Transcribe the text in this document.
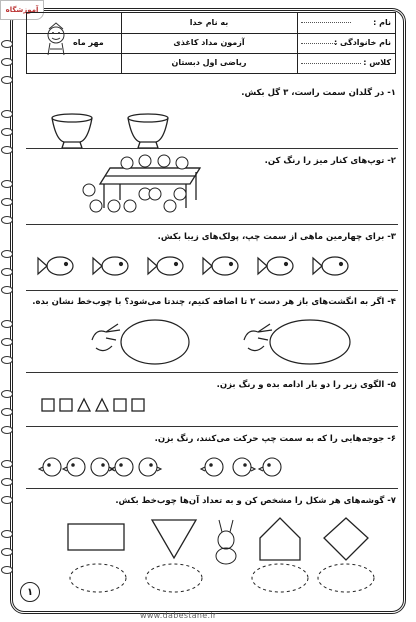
آموزشگاه
نام :
نام خانوادگی :
کلاس :
به نام خدا
آزمون مداد کاغذی
ریاضی اول دبستان
مهر ماه
۱- در گلدان سمت راست، ۳ گل بکش.
۲- توپ‌های کنار میز را رنگ کن.
۳- برای چهارمین ماهی از سمت چپ، پولک‌های زیبا بکش.
۴- اگر به انگشت‌های باز هر دست ۲ تا اضافه کنیم، چندتا می‌شود؟ با چوب‌خط نشان بده.
۵- الگوی زیر را دو بار ادامه بده و رنگ بزن.
۶- جوجه‌هایی را که به سمت چپ حرکت می‌کنند، رنگ بزن.
۷- گوشه‌های هر شکل را مشخص کن و به تعداد آن‌ها چوب‌خط بکش.
۱
www.dabestane.ir
